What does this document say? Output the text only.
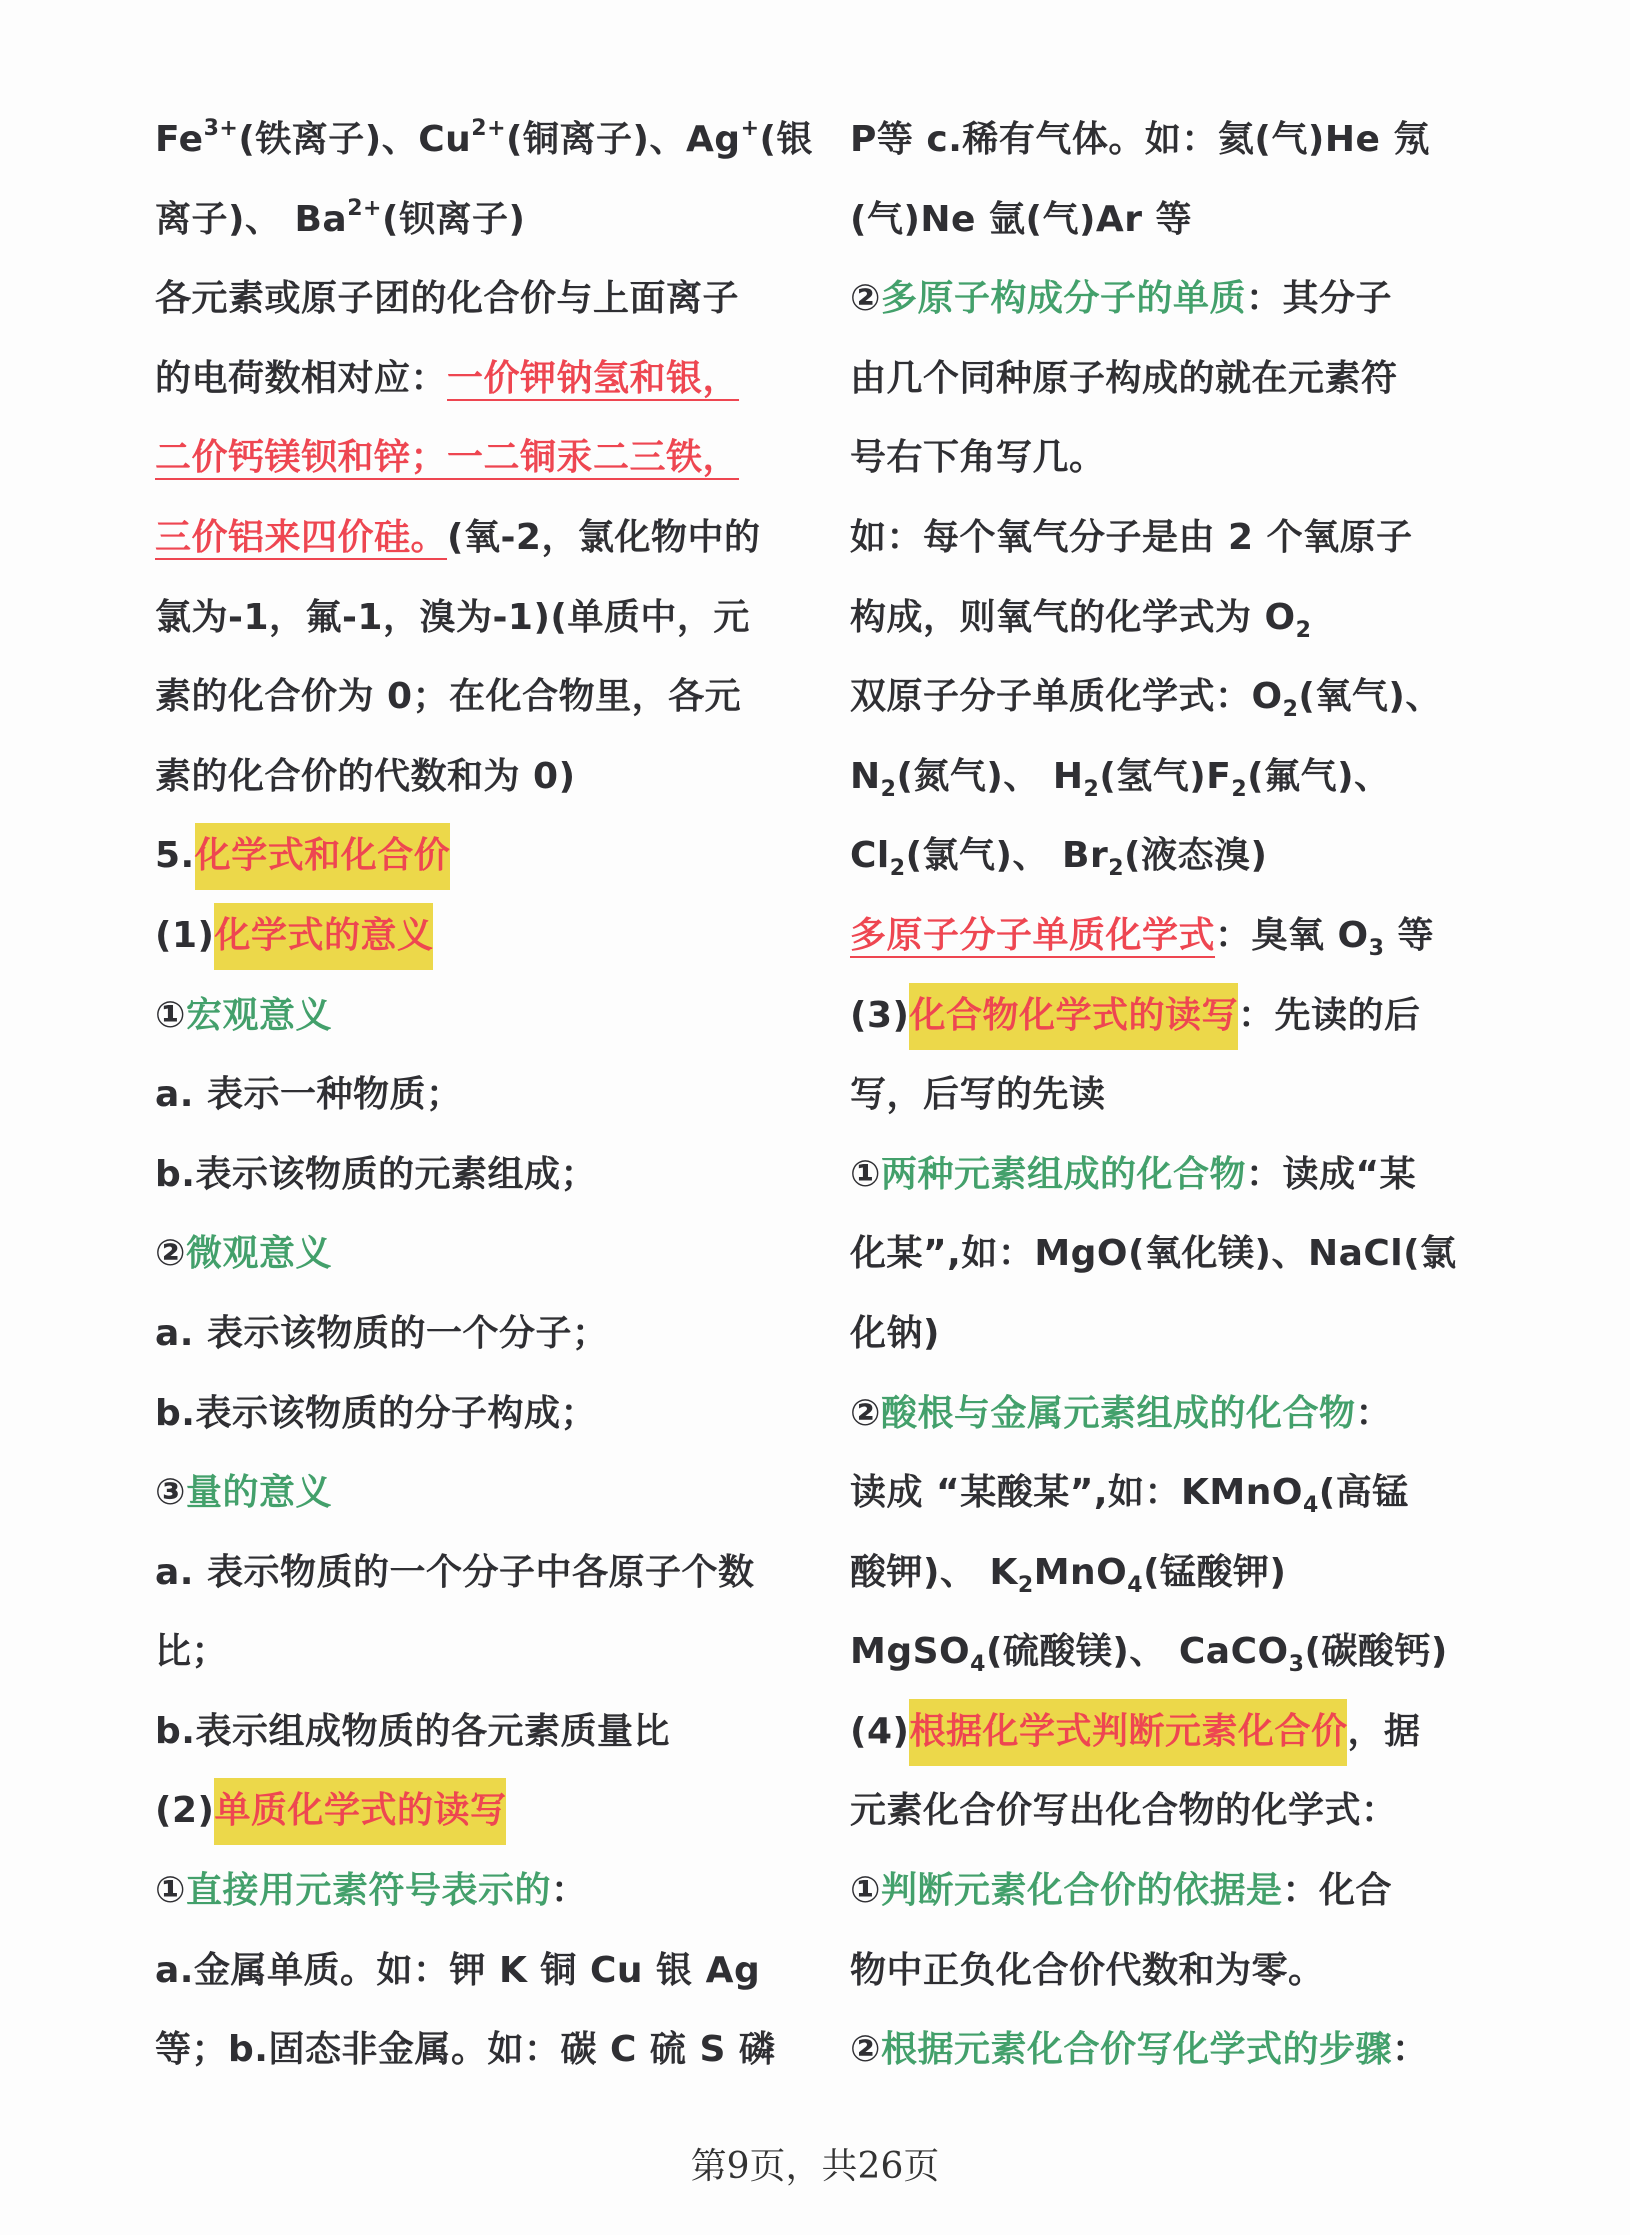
$Fe^{3+}$(铁离子)、$Cu^{2+}$(铜离子)、Ag+(银
离子)、 $Ba^{2+}$(钡离子)
各元素或原子团的化合价与上面离子
的电荷数相对应：一价钾钠氢和银，
二价钙镁钡和锌；一二铜汞二三铁，
三价铝来四价硅。(氧-2，氯化物中的
氯为-1，氟-1，溴为-1)(单质中，元
素的化合价为 0；在化合物里，各元
素的化合价的代数和为 0)
5.化学式和化合价
(1)化学式的意义
①宏观意义
a. 表示一种物质；
b.表示该物质的元素组成；
②微观意义
a. 表示该物质的一个分子；
b.表示该物质的分子构成；
③量的意义
a. 表示物质的一个分子中各原子个数
比；
b.表示组成物质的各元素质量比
(2)单质化学式的读写
①直接用元素符号表示的：
a.金属单质。如：钾 K 铜 Cu 银 Ag
等；b.固态非金属。如：碳 C 硫 S 磷
P等 c.稀有气体。如：氦(气)He 氖
(气)Ne 氩(气)Ar 等
②多原子构成分子的单质：其分子
由几个同种原子构成的就在元素符
号右下角写几。
如：每个氧气分子是由 2 个氧原子
构成，则氧气的化学式为 $O_2$
双原子分子单质化学式：$O_2$(氧气)、
$N_2$(氮气)、 $H_2$(氢气)$F_2$(氟气)、
$Cl_2$(氯气)、 $Br_2$(液态溴)
多原子分子单质化学式：臭氧 $O_3$ 等
(3)化合物化学式的读写：先读的后
写，后写的先读
①两种元素组成的化合物：读成“某
化某”,如：MgO(氧化镁)、NaCl(氯
化钠)
②酸根与金属元素组成的化合物：
读成 “某酸某”,如：KMnO$_4$(高锰
酸钾)、 $K_2MnO_4$(锰酸钾)
MgSO$_4$(硫酸镁)、 CaCO$_3$(碳酸钙)
(4)根据化学式判断元素化合价，据
元素化合价写出化合物的化学式：
①判断元素化合价的依据是：化合
物中正负化合价代数和为零。
②根据元素化合价写化学式的步骤：
第9页，共26页
